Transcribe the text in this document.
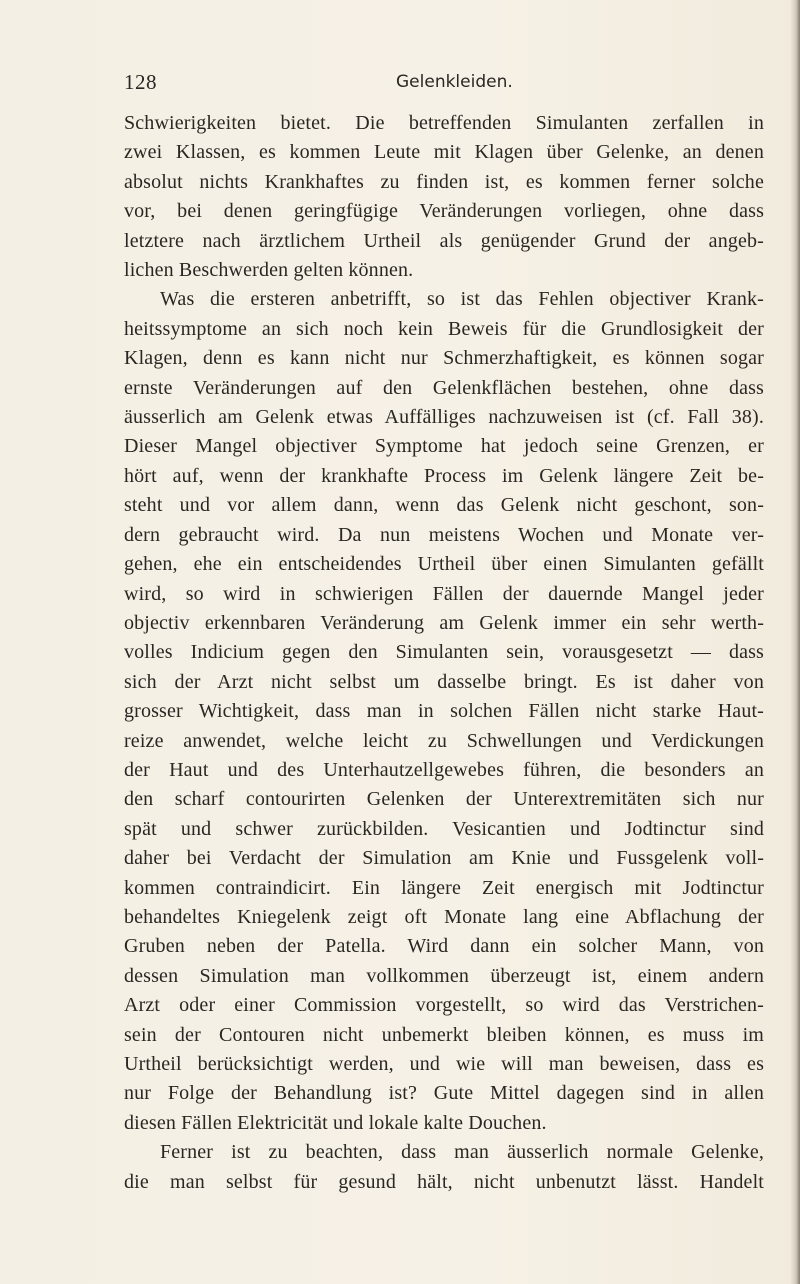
128	Gelenkleiden.
Schwierigkeiten bietet. Die betreffenden Simulanten zerfallen in
zwei Klassen, es kommen Leute mit Klagen über Gelenke, an denen
absolut nichts Krankhaftes zu finden ist, es kommen ferner solche
vor, bei denen geringfügige Veränderungen vorliegen, ohne dass
letztere nach ärztlichem Urtheil als genügender Grund der angeb-
lichen Beschwerden gelten können.
Was die ersteren anbetrifft, so ist das Fehlen objectiver Krank-
heitssymptome an sich noch kein Beweis für die Grundlosigkeit der
Klagen, denn es kann nicht nur Schmerzhaftigkeit, es können sogar
ernste Veränderungen auf den Gelenkflächen bestehen, ohne dass
äusserlich am Gelenk etwas Auffälliges nachzuweisen ist (cf. Fall 38).
Dieser Mangel objectiver Symptome hat jedoch seine Grenzen, er
hört auf, wenn der krankhafte Process im Gelenk längere Zeit be-
steht und vor allem dann, wenn das Gelenk nicht geschont, son-
dern gebraucht wird. Da nun meistens Wochen und Monate ver-
gehen, ehe ein entscheidendes Urtheil über einen Simulanten gefällt
wird, so wird in schwierigen Fällen der dauernde Mangel jeder
objectiv erkennbaren Veränderung am Gelenk immer ein sehr werth-
volles Indicium gegen den Simulanten sein, vorausgesetzt — dass
sich der Arzt nicht selbst um dasselbe bringt. Es ist daher von
grosser Wichtigkeit, dass man in solchen Fällen nicht starke Haut-
reize anwendet, welche leicht zu Schwellungen und Verdickungen
der Haut und des Unterhautzellgewebes führen, die besonders an
den scharf contourirten Gelenken der Unterextremitäten sich nur
spät und schwer zurückbilden. Vesicantien und Jodtinctur sind
daher bei Verdacht der Simulation am Knie und Fussgelenk voll-
kommen contraindicirt. Ein längere Zeit energisch mit Jodtinctur
behandeltes Kniegelenk zeigt oft Monate lang eine Abflachung der
Gruben neben der Patella. Wird dann ein solcher Mann, von
dessen Simulation man vollkommen überzeugt ist, einem andern
Arzt oder einer Commission vorgestellt, so wird das Verstrichen-
sein der Contouren nicht unbemerkt bleiben können, es muss im
Urtheil berücksichtigt werden, und wie will man beweisen, dass es
nur Folge der Behandlung ist? Gute Mittel dagegen sind in allen
diesen Fällen Elektricität und lokale kalte Douchen.
Ferner ist zu beachten, dass man äusserlich normale Gelenke,
die man selbst für gesund hält, nicht unbenutzt lässt. Handelt
